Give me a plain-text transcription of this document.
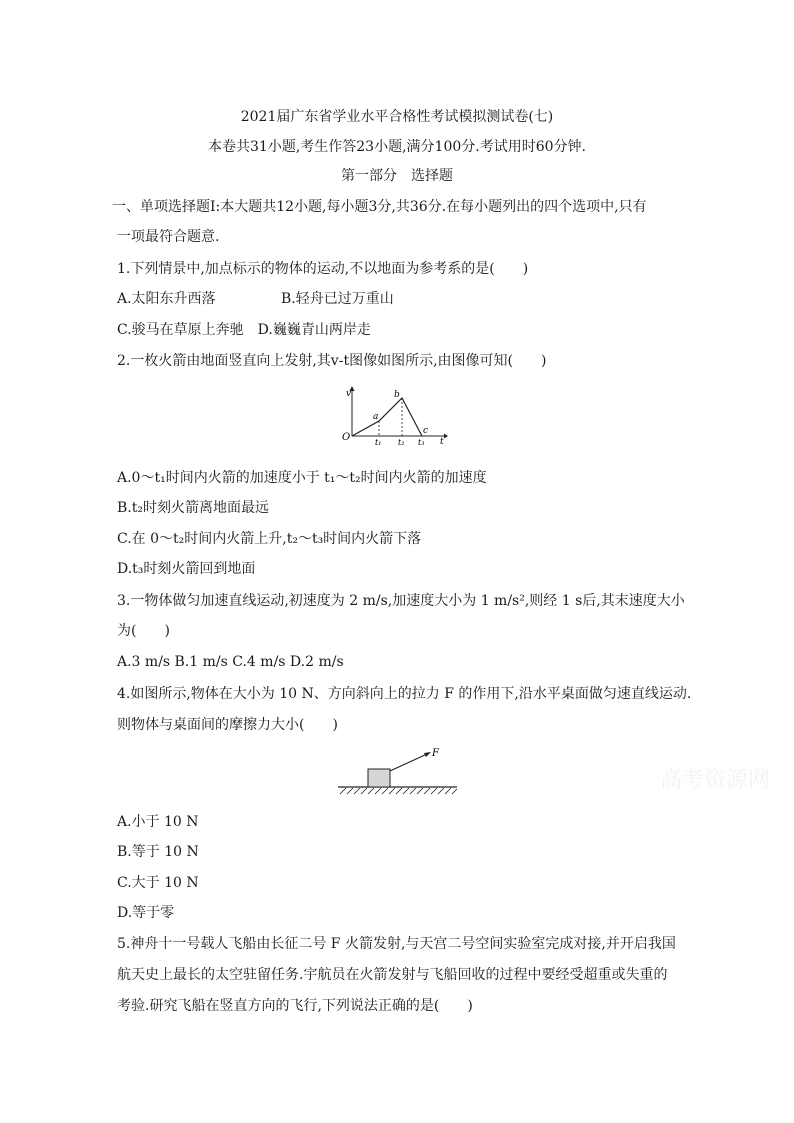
2021届广东省学业水平合格性考试模拟测试卷(七)
本卷共31小题,考生作答23小题,满分100分.考试用时60分钟.
第一部分　选择题
一、单项选择题Ⅰ:本大题共12小题,每小题3分,共36分.在每小题列出的四个选项中,只有
一项最符合题意.
1.下列情景中,加点标示的物体的运动,不以地面为参考系的是(　　)
A.太阳东升西落	B.轻舟已过万重山
C.骏马在草原上奔驰　D.巍巍青山两岸走
2.一枚火箭由地面竖直向上发射,其v-t图像如图所示,由图像可知(　　)
v
t
O
a
b
c
t₁ t₂ t₃
A.0～t₁时间内火箭的加速度小于 t₁～t₂时间内火箭的加速度
B.t₂时刻火箭离地面最远
C.在 0～t₂时间内火箭上升,t₂～t₃时间内火箭下落
D.t₃时刻火箭回到地面
3.一物体做匀加速直线运动,初速度为 2 m/s,加速度大小为 1 m/s²,则经 1 s后,其末速度大小
为(　　)
A.3 m/s B.1 m/s C.4 m/s D.2 m/s
4.如图所示,物体在大小为 10 N、方向斜向上的拉力 F 的作用下,沿水平桌面做匀速直线运动.
则物体与桌面间的摩擦力大小(　　)
F
高考资源网
A.小于 10 N
B.等于 10 N
C.大于 10 N
D.等于零
5.神舟十一号载人飞船由长征二号 F 火箭发射,与天宫二号空间实验室完成对接,并开启我国
航天史上最长的太空驻留任务.宇航员在火箭发射与飞船回收的过程中要经受超重或失重的
考验.研究飞船在竖直方向的飞行,下列说法正确的是(　　)
